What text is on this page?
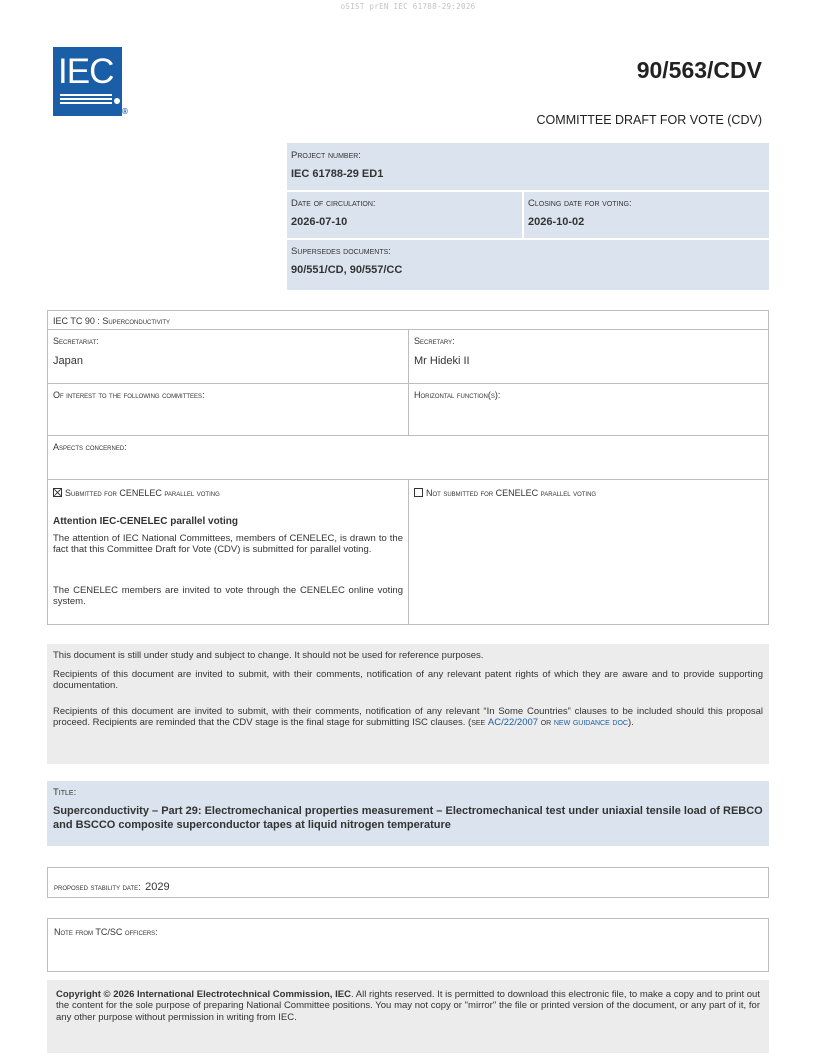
oSIST prEN IEC 61788-29:2026
IEC
®
90/563/CDV
COMMITTEE DRAFT FOR VOTE (CDV)
Project number:
IEC 61788-29 ED1
Date of circulation:
2026-07-10
Closing date for voting:
2026-10-02
Supersedes documents:
90/551/CD, 90/557/CC
IEC TC 90 : Superconductivity
Secretariat:
Japan
Secretary:
Mr Hideki II
Of interest to the following committees:	Horizontal function(s):
Aspects concerned:
Submitted for CENELEC parallel voting	Not submitted for CENELEC parallel voting
Attention IEC-CENELEC parallel voting
The attention of IEC National Committees, members of CENELEC, is drawn to the fact that this Committee Draft for Vote (CDV) is submitted for parallel voting.
The CENELEC members are invited to vote through the CENELEC online voting system.
This document is still under study and subject to change. It should not be used for reference purposes.
Recipients of this document are invited to submit, with their comments, notification of any relevant patent rights of which they are aware and to provide supporting documentation.
Recipients of this document are invited to submit, with their comments, notification of any relevant “In Some Countries” clauses to be included should this proposal proceed. Recipients are reminded that the CDV stage is the final stage for submitting ISC clauses. (see AC/22/2007 or new guidance doc).
Title:
Superconductivity – Part 29: Electromechanical properties measurement – Electromechanical test under uniaxial tensile load of REBCO and BSCCO composite superconductor tapes at liquid nitrogen temperature
proposed stability date: 2029
Note from TC/SC officers:
Copyright © 2026 International Electrotechnical Commission, IEC. All rights reserved. It is permitted to download this electronic file, to make a copy and to print out the content for the sole purpose of preparing National Committee positions. You may not copy or "mirror" the file or printed version of the document, or any part of it, for any other purpose without permission in writing from IEC.
